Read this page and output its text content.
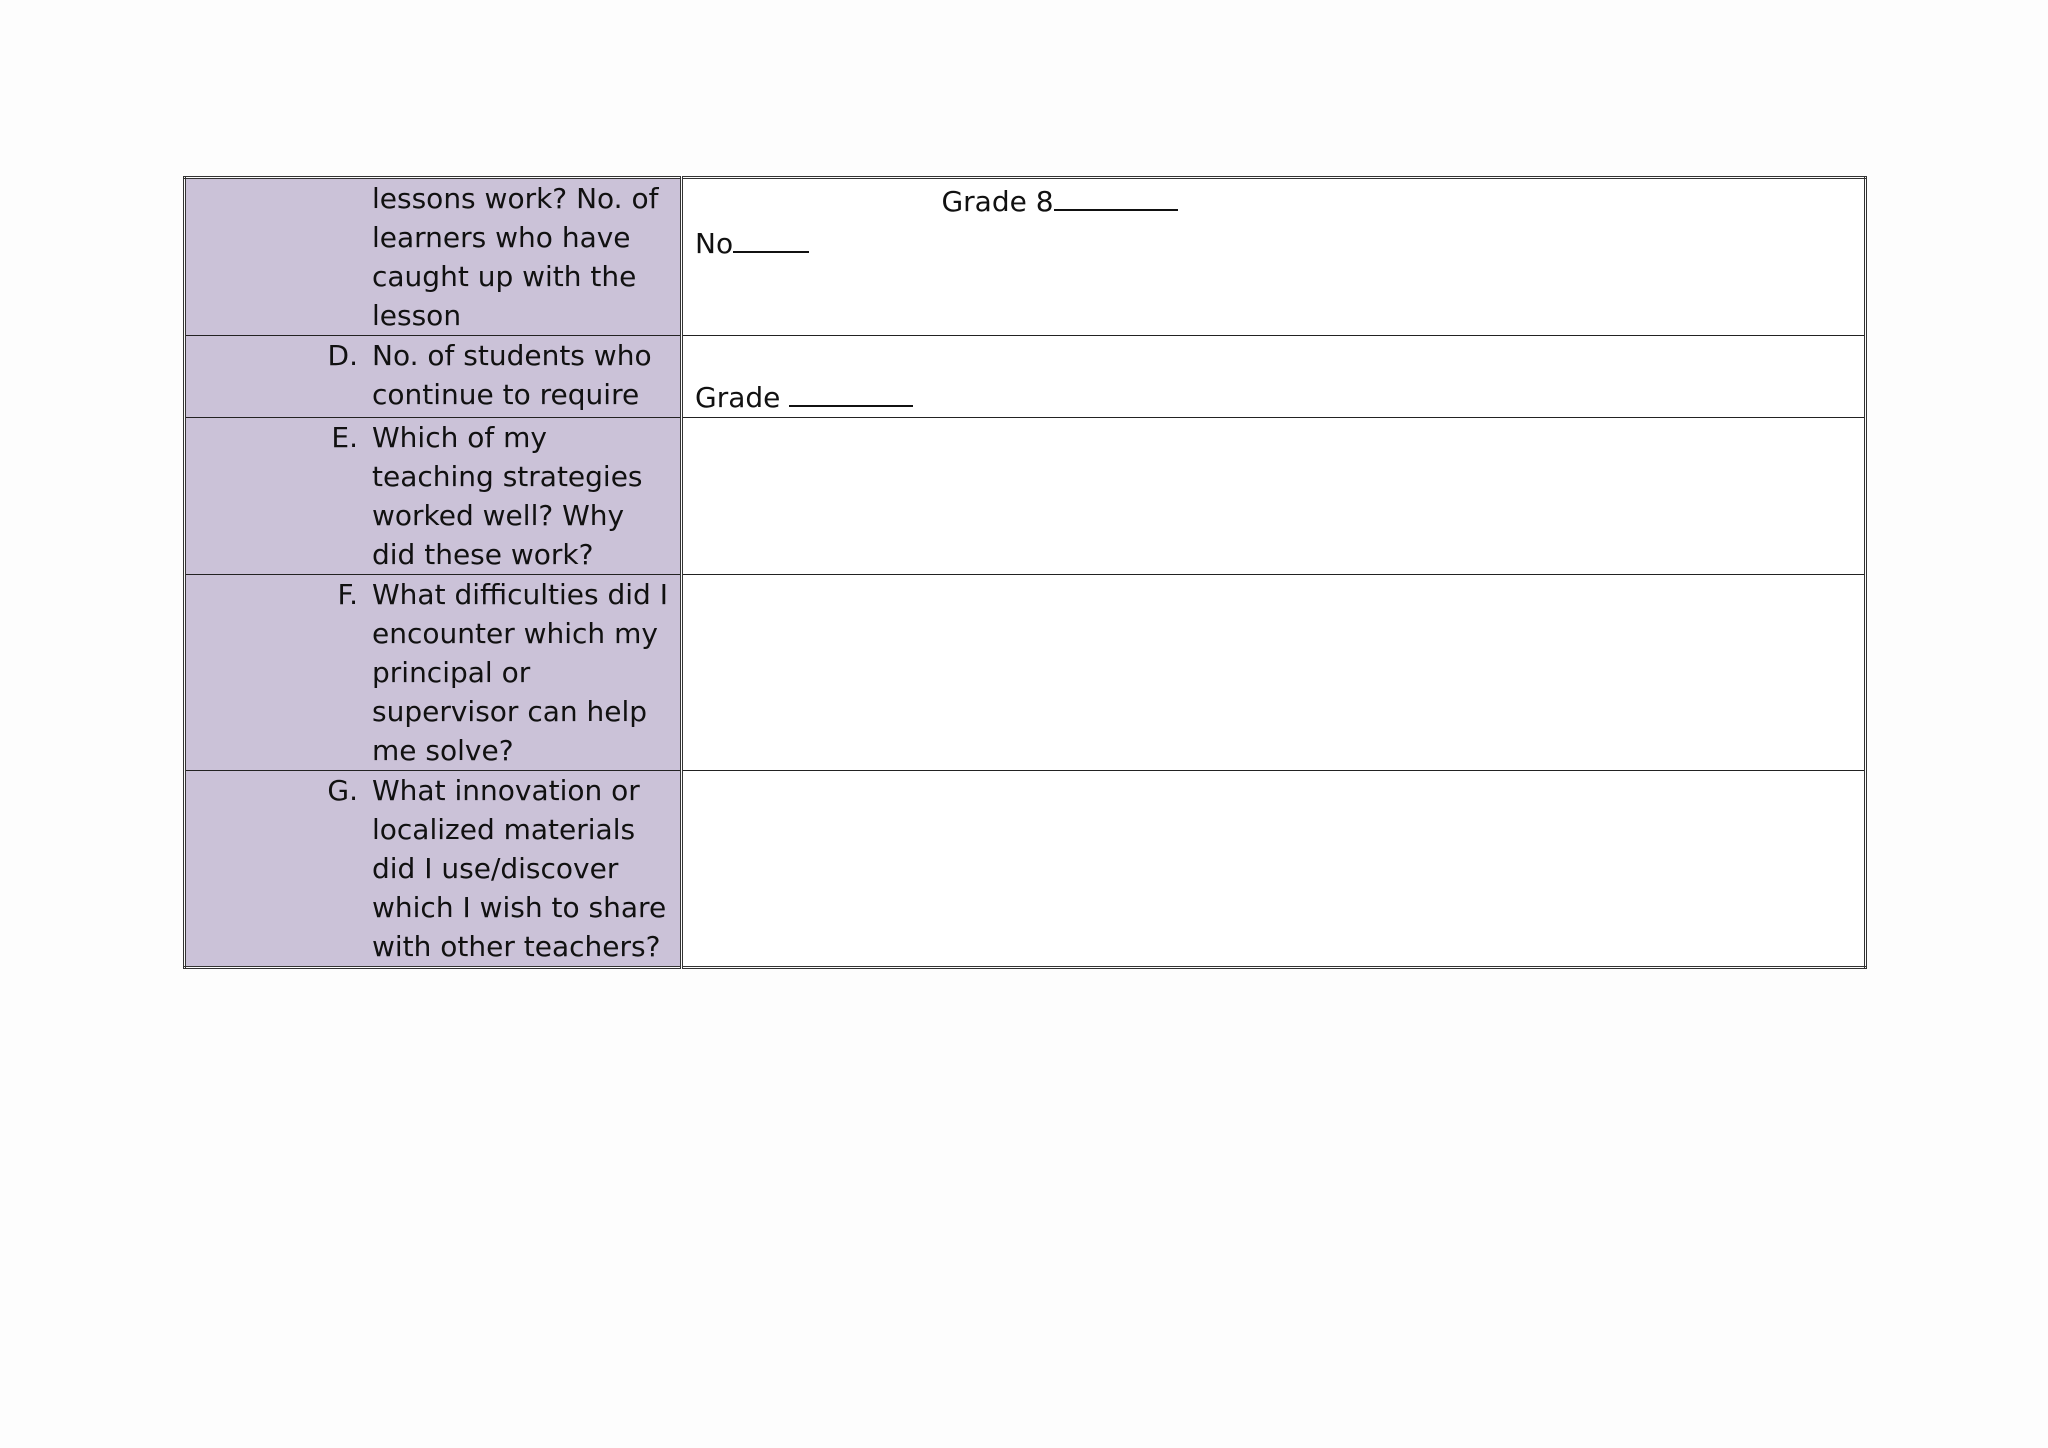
lessons work? No. of learners who have caught up with the lesson	Grade 8
No

D. No. of students who continue to require	Grade

E. Which of my teaching strategies worked well? Why did these work?	

F. What difficulties did I encounter which my principal or supervisor can help me solve?	

G. What innovation or localized materials did I use/discover which I wish to share with other teachers?	
